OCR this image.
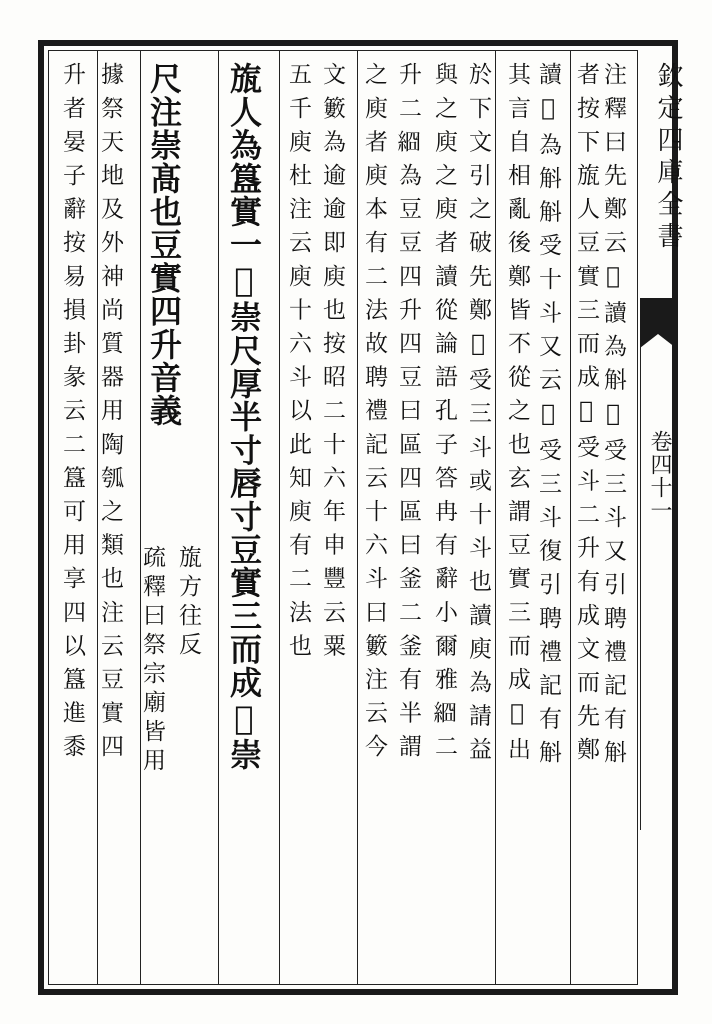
欽定四庫全書
卷四十一
注釋曰先鄭云𣪺讀為斛𣪺受三斗又引聘禮記有斛
者按下旊人豆實三而成𣪺受斗二升有成文而先鄭
讀𣪺為斛斛受十斗又云𣪺受三斗復引聘禮記有斛
其言自相亂後鄭皆不從之也玄謂豆實三而成𣪺出
於下文引之破先鄭𣪺受三斗或十斗也讀庾為請益
與之庾之庾者讀從論語孔子答冉有辭小爾雅𦀝二
升二𦀝為豆豆四升四豆曰區四區曰釜二釜有半謂
之庾者庾本有二法故聘禮記云十六斗曰籔注云今
文籔為逾逾即庾也按昭二十六年申豐云粟
五千庾杜注云庾十六斗以此知庾有二法也
旊人為簋實一𣪺崇尺厚半寸唇寸豆實三而成𣪺崇
尺注崇髙也豆實四升音義
旊方往反
疏釋曰祭宗廟皆用
據祭天地及外神尚質器用陶瓠之類也注云豆實四
升者晏子辭按易損卦彖云二簋可用享四以簋進黍
